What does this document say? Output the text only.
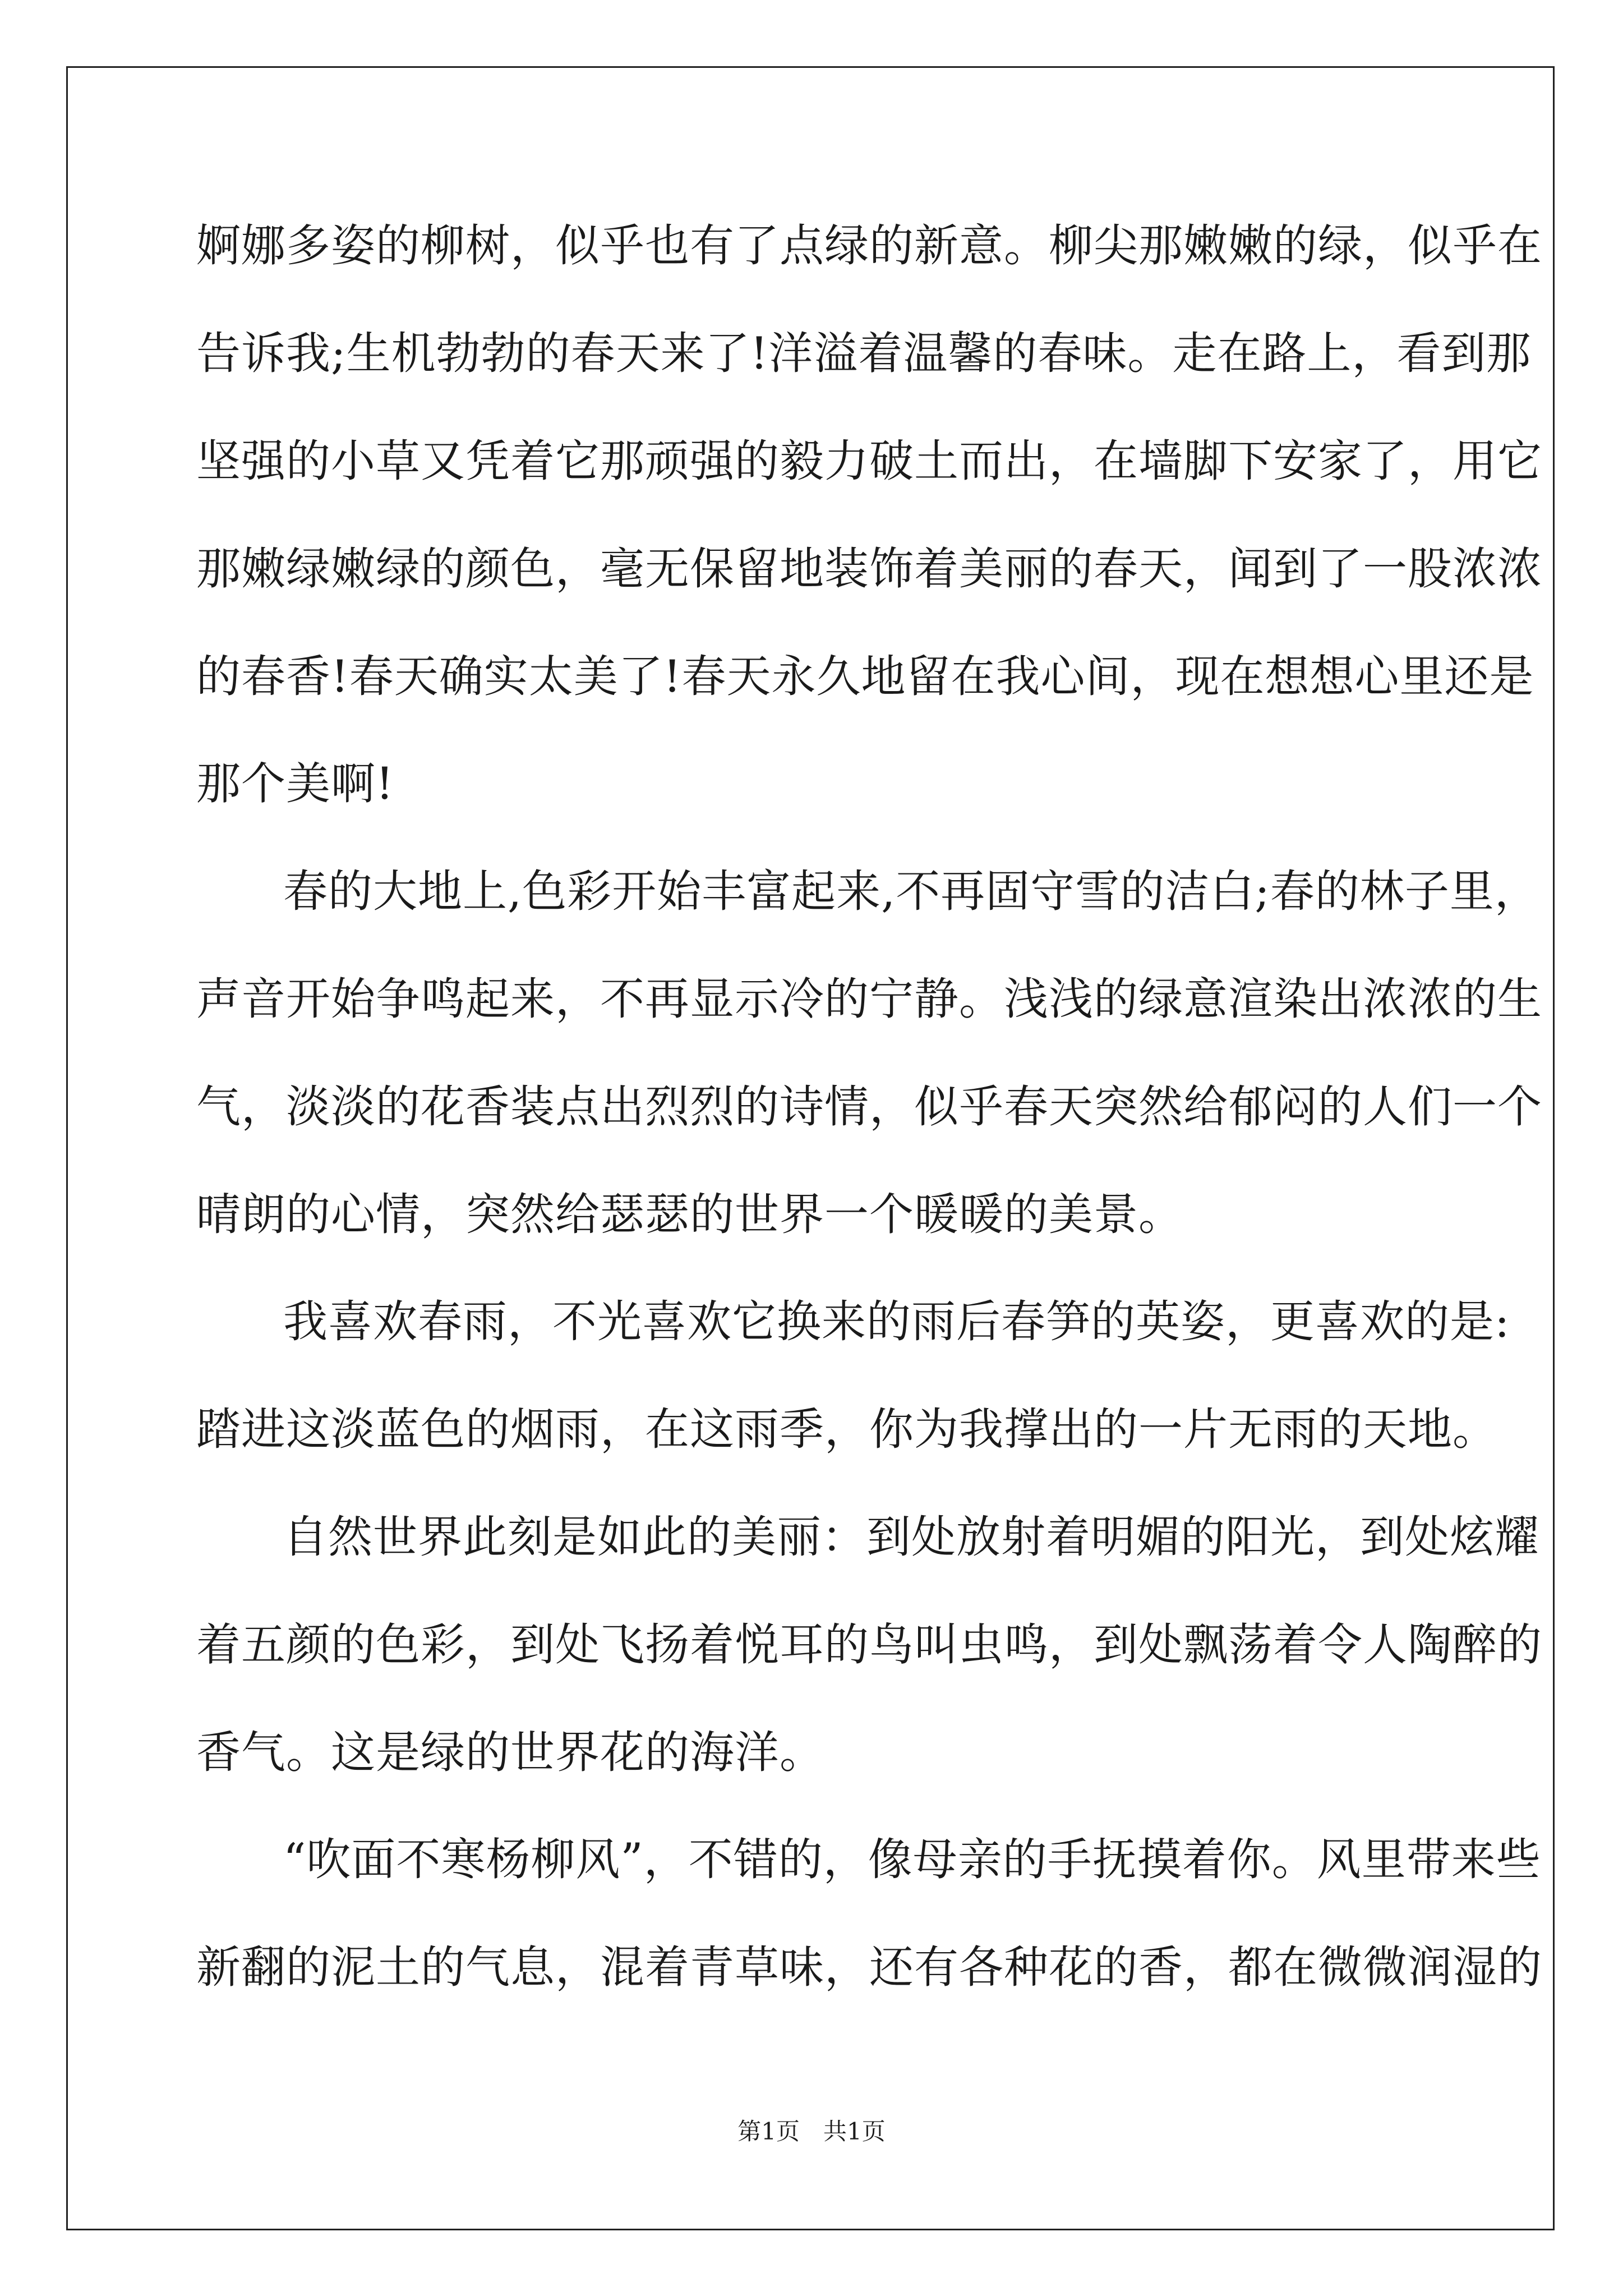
婀娜多姿的柳树，似乎也有了点绿的新意。柳尖那嫩嫩的绿，似乎在
告诉我;生机勃勃的春天来了!洋溢着温馨的春味。走在路上，看到那
坚强的小草又凭着它那顽强的毅力破土而出，在墙脚下安家了，用它
那嫩绿嫩绿的颜色，毫无保留地装饰着美丽的春天，闻到了一股浓浓
的春香!春天确实太美了!春天永久地留在我心间，现在想想心里还是
那个美啊!
春的大地上,色彩开始丰富起来,不再固守雪的洁白;春的林子里，
声音开始争鸣起来，不再显示冷的宁静。浅浅的绿意渲染出浓浓的生
气，淡淡的花香装点出烈烈的诗情，似乎春天突然给郁闷的人们一个
晴朗的心情，突然给瑟瑟的世界一个暖暖的美景。
我喜欢春雨，不光喜欢它换来的雨后春笋的英姿，更喜欢的是:
踏进这淡蓝色的烟雨，在这雨季，你为我撑出的一片无雨的天地。
自然世界此刻是如此的美丽：到处放射着明媚的阳光，到处炫耀
着五颜的色彩，到处飞扬着悦耳的鸟叫虫鸣，到处飘荡着令人陶醉的
香气。这是绿的世界花的海洋。
“吹面不寒杨柳风”，不错的，像母亲的手抚摸着你。风里带来些
新翻的泥土的气息，混着青草味，还有各种花的香，都在微微润湿的
第1页　共1页
